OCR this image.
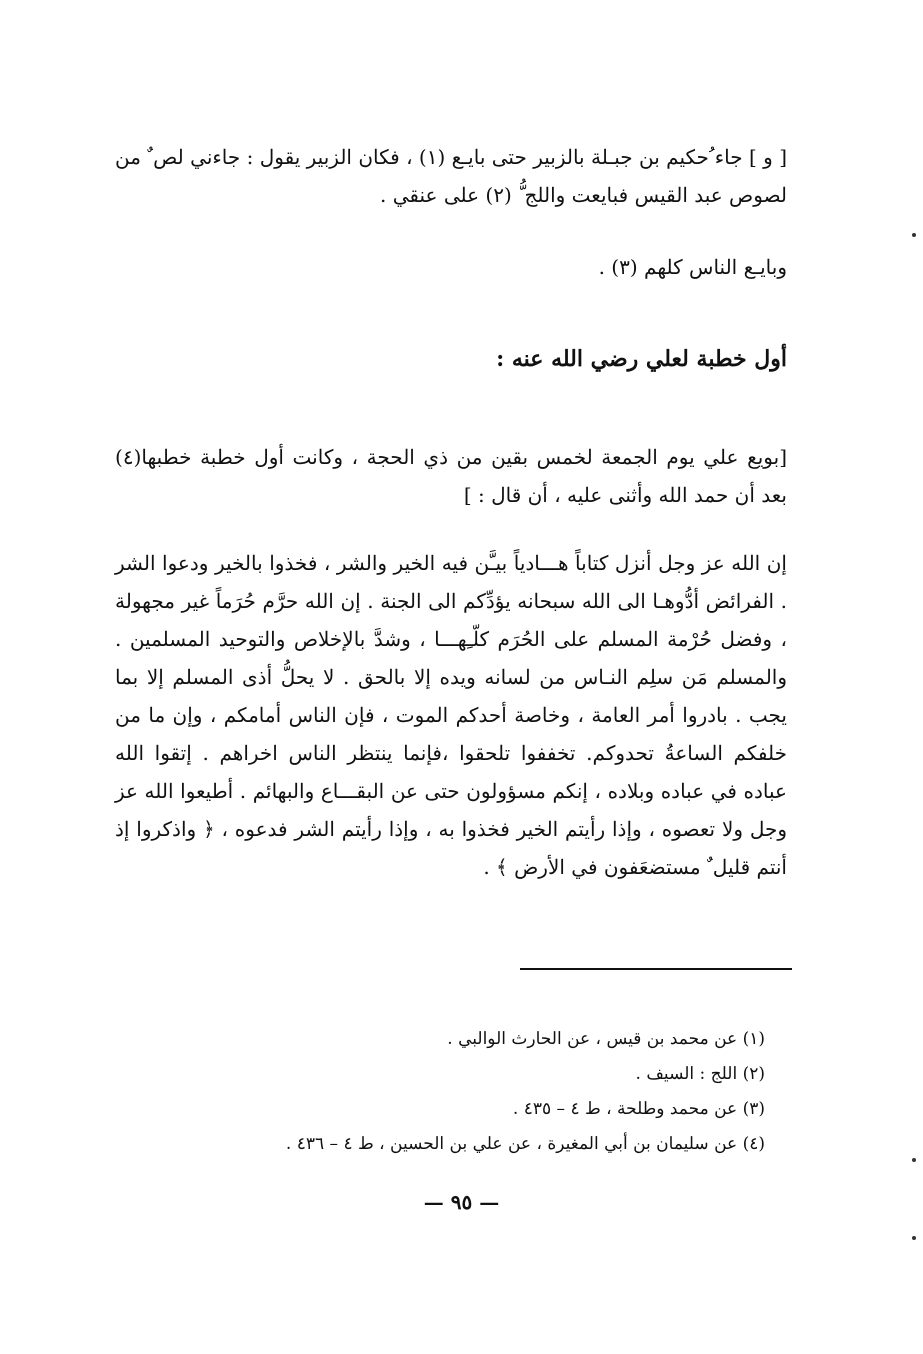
[ و ] جاء ُحكيم بن جبـلة بالزبير حتى بايـع (١) ، فكان الزبير يقول : جاءني لص ٌ من لصوص عبد القيس فبايعت واللج ُّ (٢) على عنقي .

وبايـع الناس كلهم (٣) .

أول خطبة لعلي رضي الله عنه :

[بويع علي يوم الجمعة لخمس بقين من ذي الحجة ، وكانت أول خطبة خطبها(٤) بعد أن حمد الله وأثنى عليه ، أن قال : ]

إن الله عز وجل أنزل كتاباً هـــادياً بيـَّن فيه الخير والشر ، فخذوا بالخير ودعوا الشر . الفرائض أدُّوهـا الى الله سبحانه يؤدِّكم الى الجنة . إن الله حرَّم حُرَماً غير مجهولة ، وفضل حُرْمة المسلم على الحُرَم كلّـِهـــا ، وشدَّ بالإخلاص والتوحيد المسلمين . والمسلم مَن سلِم النـاس من لسانه ويده إلا بالحق . لا يحلُّ أذى المسلم إلا بما يجب . بادروا أمر العامة ، وخاصة أحدكم الموت ، فإن الناس أمامكم ، وإن ما من خلفكم الساعةُ تحدوكم. تخففوا تلحقوا ،فإنما ينتظر الناس اخراهم . إتقوا الله عباده في عباده وبلاده ، إنكم مسؤولون حتى عن البقـــاع والبهائم . أطيعوا الله عز وجل ولا تعصوه ، وإذا رأيتم الخير فخذوا به ، وإذا رأيتم الشر فدعوه ، ﴿ واذكروا إذ أنتم قليل ٌ مستضعَفون في الأرض ﴾ .

(١) عن محمد بن قيس ، عن الحارث الوالبي .
(٢) اللج : السيف .
(٣) عن محمد وطلحة ، ط ٤ – ٤٣٥ .
(٤) عن سليمان بن أبي المغيرة ، عن علي بن الحسين ، ط ٤ – ٤٣٦ .
— ٩٥ —
